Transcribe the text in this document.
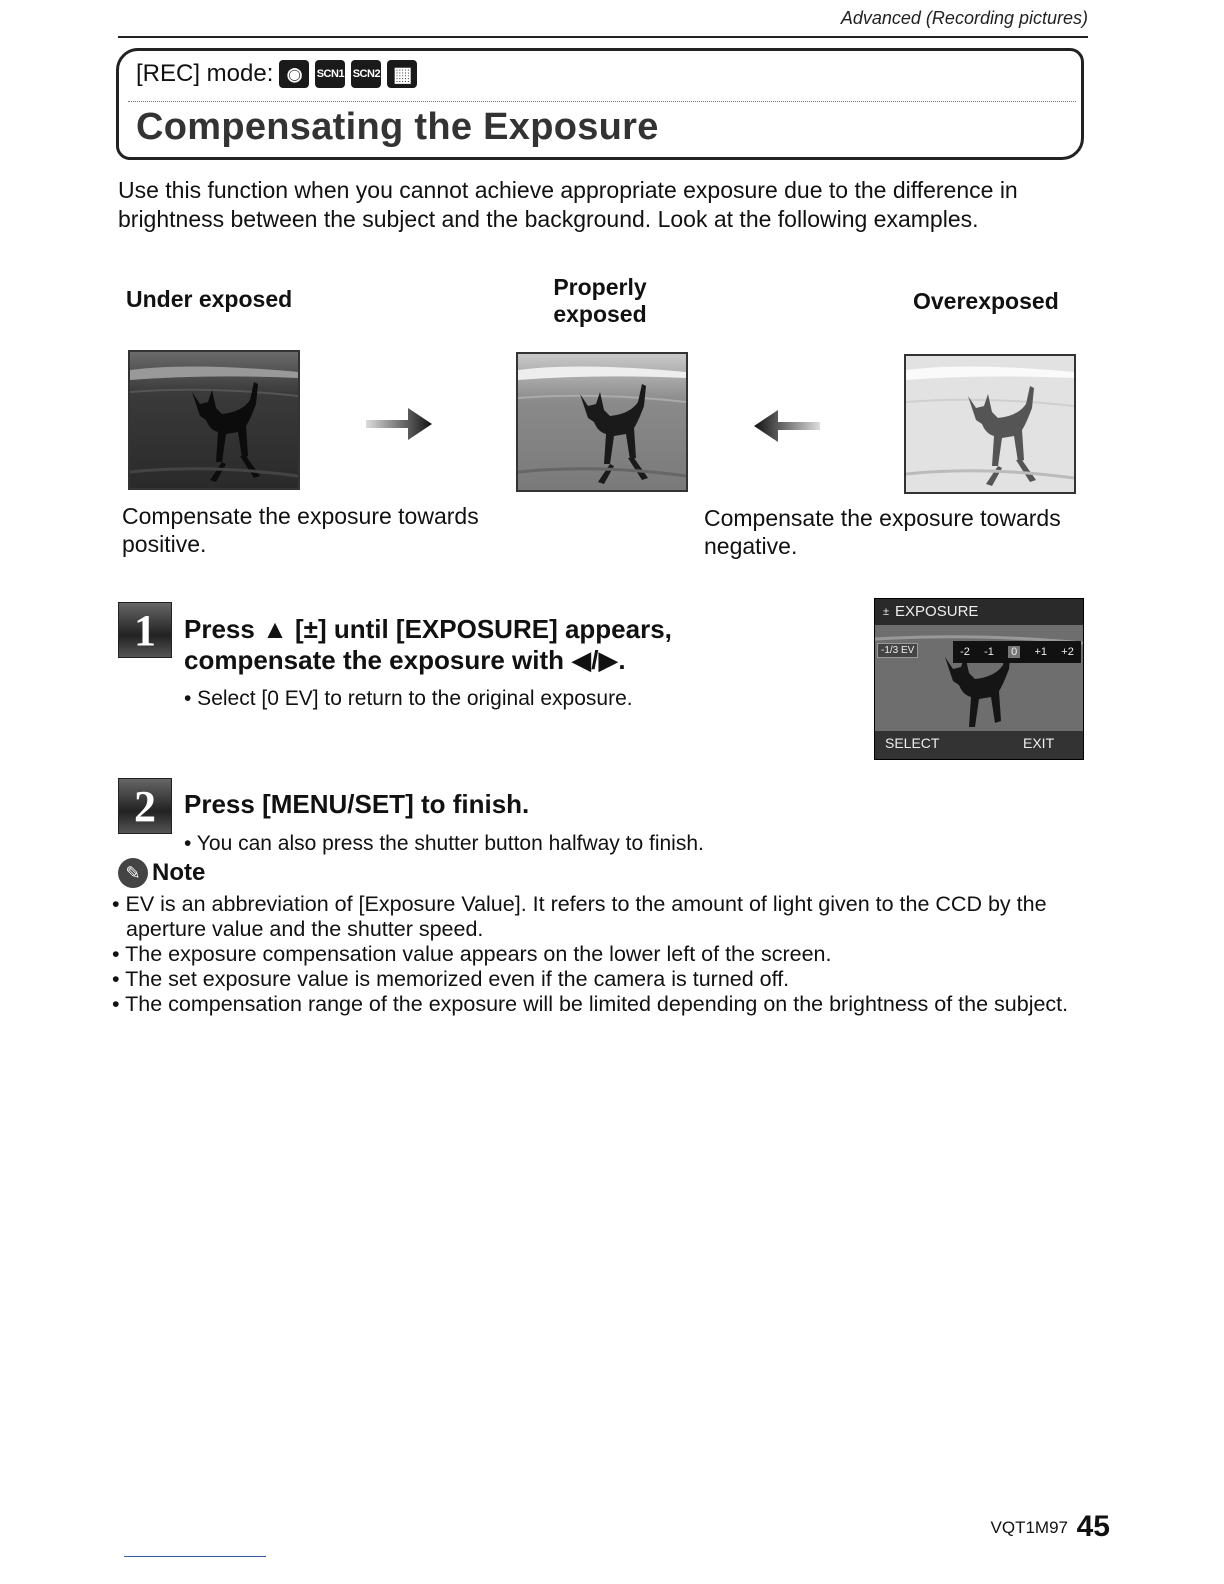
Advanced (Recording pictures)
[REC] mode: ◉	SCN1 SCN2 ▦
Compensating the Exposure
Use this function when you cannot achieve appropriate exposure due to the difference in brightness between the subject and the background. Look at the following examples.
Under exposed	Properly
exposed	Overexposed
Compensate the exposure towards positive.
Compensate the exposure towards negative.
1	Press ▲ [±] until [EXPOSURE] appears,
compensate the exposure with ◀/▶.
• Select [0 EV] to return to the original exposure.
± EXPOSURE
-1/3 EV	-2 -1 0 +1 +2
SELECT	EXIT
2	Press [MENU/SET] to finish.
• You can also press the shutter button halfway to finish.
✎ Note
• EV is an abbreviation of [Exposure Value]. It refers to the amount of light given to the CCD by the aperture value and the shutter speed.
• The exposure compensation value appears on the lower left of the screen.
• The set exposure value is memorized even if the camera is turned off.
• The compensation range of the exposure will be limited depending on the brightness of the subject.
VQT1M97 45
